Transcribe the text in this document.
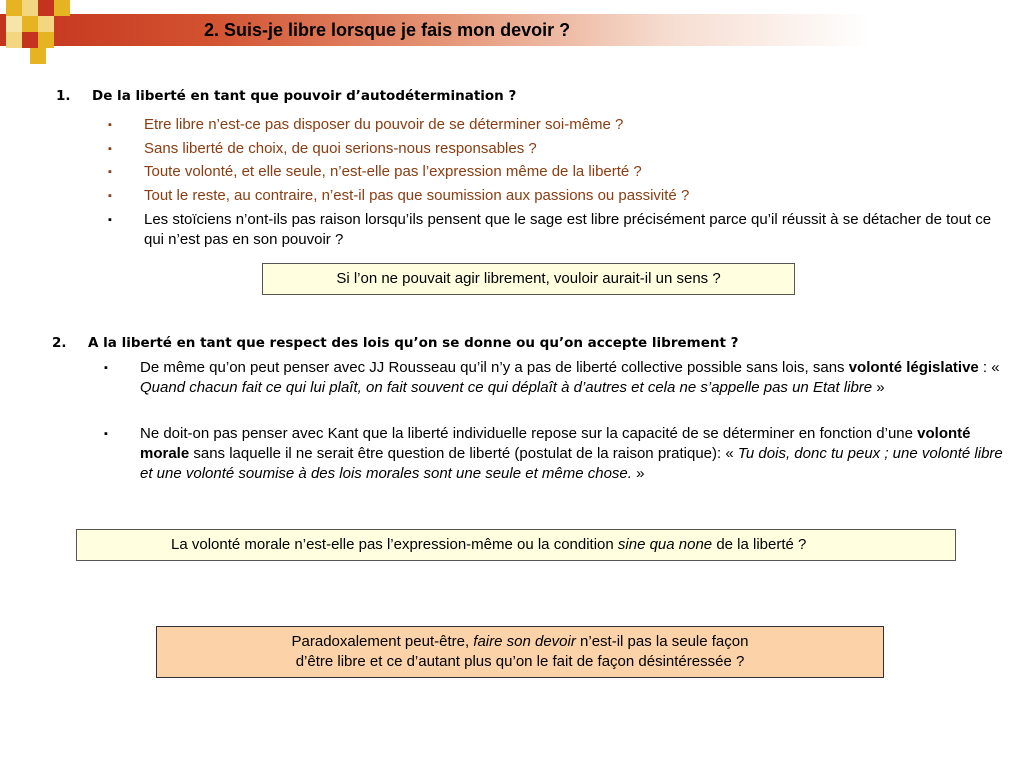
2. Suis-je libre lorsque je fais mon devoir ?
1. De la liberté en tant que pouvoir d’autodétermination ?
▪ Etre libre n’est-ce pas disposer du pouvoir de se déterminer soi-même ?
▪ Sans liberté de choix, de quoi serions-nous responsables ?
▪ Toute volonté, et elle seule, n’est-elle pas l’expression même de la liberté ?
▪ Tout le reste, au contraire, n’est-il pas que soumission aux passions ou passivité ?
▪ Les stoïciens n’ont-ils pas raison lorsqu’ils pensent que le sage est libre précisément parce qu’il réussit à se détacher de tout ce qui n’est pas en son pouvoir ?
Si l’on ne pouvait agir librement, vouloir aurait-il un sens ?
2. A la liberté en tant que respect des lois qu’on se donne ou qu’on accepte librement ?
▪ De même qu’on peut penser avec JJ Rousseau qu’il n’y a pas de liberté collective possible sans lois, sans volonté législative : « Quand chacun fait ce qui lui plaît, on fait souvent ce qui déplaît à d’autres et cela ne s’appelle pas un Etat libre »
▪ Ne doit-on pas penser avec Kant que la liberté individuelle repose sur la capacité de se déterminer en fonction d’une volonté morale sans laquelle il ne serait être question de liberté (postulat de la raison pratique): « Tu dois, donc tu peux ; une volonté libre et une volonté soumise à des lois morales sont une seule et même chose. »
La volonté morale n’est-elle pas l’expression-même ou la condition sine qua none de la liberté ?
Paradoxalement peut-être, faire son devoir n’est-il pas la seule façon
d’être libre et ce d’autant plus qu’on le fait de façon désintéressée ?
